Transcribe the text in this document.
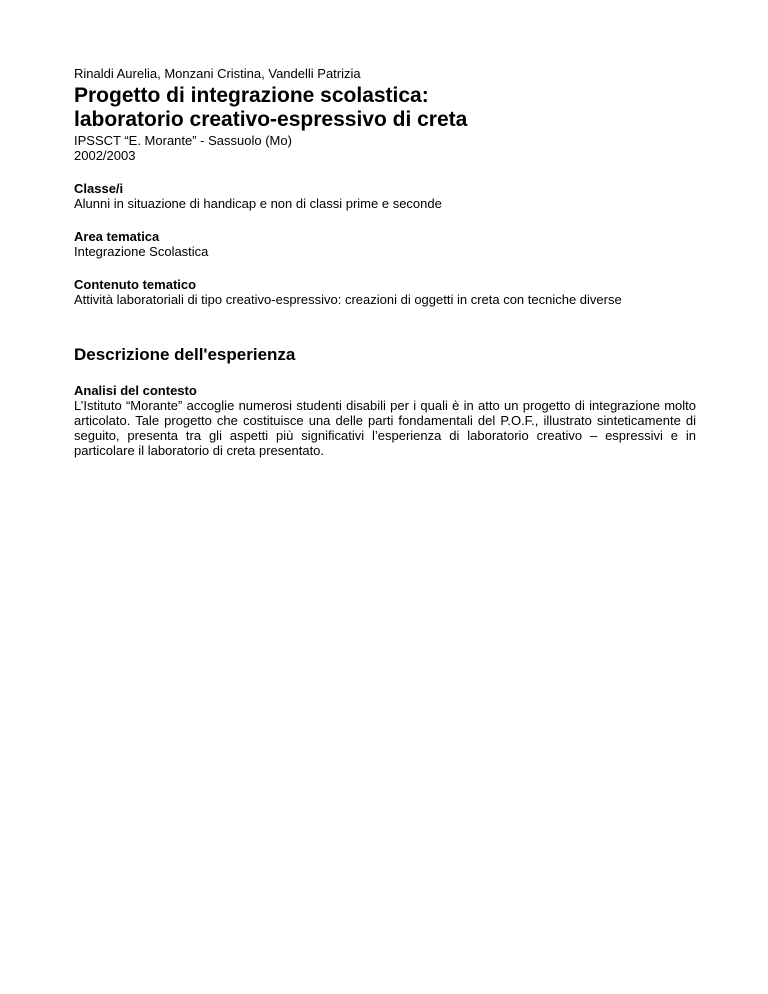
Rinaldi Aurelia, Monzani Cristina, Vandelli Patrizia

Progetto di integrazione scolastica:
laboratorio creativo-espressivo di creta

IPSSCT “E. Morante” - Sassuolo (Mo)

2002/2003

Classe/i

Alunni in situazione di handicap e non di classi prime e seconde

Area tematica

Integrazione Scolastica

Contenuto tematico

Attività laboratoriali di tipo creativo-espressivo: creazioni di oggetti in creta con tecniche diverse

Descrizione dell'esperienza

Analisi del contesto

L’Istituto “Morante” accoglie numerosi studenti disabili per i quali è in atto un progetto di integrazione molto articolato. Tale progetto che costituisce una delle parti fondamentali del P.O.F., illustrato sinteticamente di seguito, presenta tra gli aspetti più significativi l’esperienza di laboratorio creativo – espressivi e in particolare il laboratorio di creta presentato.
